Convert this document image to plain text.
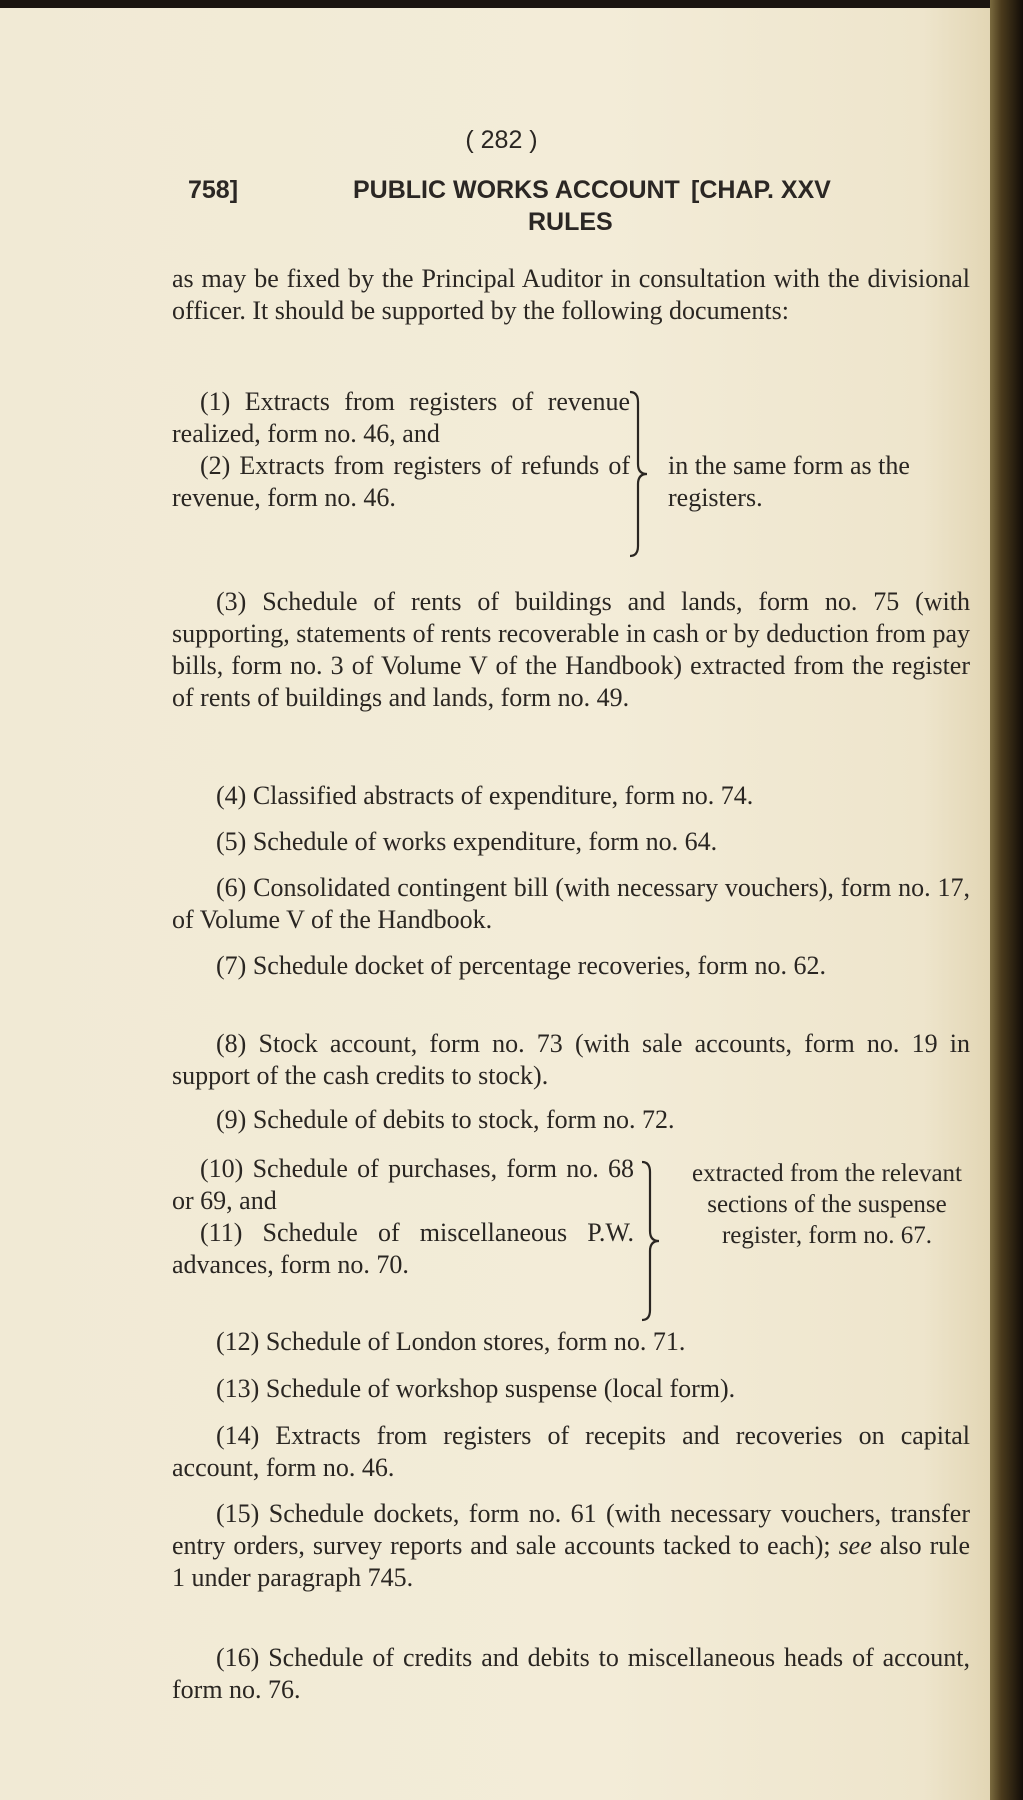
( 282 )
758]	PUBLIC WORKS ACCOUNT [CHAP. XXV
RULES
as may be fixed by the Principal Auditor in consultation with the divisional officer. It should be supported by the following documents:
(1) Extracts from registers of revenue realized, form no. 46, and
(2) Extracts from registers of refunds of revenue, form no. 46.
in the same form as the registers.
(3) Schedule of rents of buildings and lands, form no. 75 (with supporting, statements of rents recoverable in cash or by deduction from pay bills, form no. 3 of Volume V of the Handbook) extracted from the register of rents of buildings and lands, form no. 49.
(4) Classified abstracts of expenditure, form no. 74.
(5) Schedule of works expenditure, form no. 64.
(6) Consolidated contingent bill (with necessary vouchers), form no. 17, of Volume V of the Handbook.
(7) Schedule docket of percentage recoveries, form no. 62.
(8) Stock account, form no. 73 (with sale accounts, form no. 19 in support of the cash credits to stock).
(9) Schedule of debits to stock, form no. 72.
(10) Schedule of purchases, form no. 68 or 69, and
(11) Schedule of miscellaneous P.W. advances, form no. 70.
extracted from the relevant sections of the suspense register, form no. 67.
(12) Schedule of London stores, form no. 71.
(13) Schedule of workshop suspense (local form).
(14) Extracts from registers of recepits and recoveries on capital account, form no. 46.
(15) Schedule dockets, form no. 61 (with necessary vouchers, transfer entry orders, survey reports and sale accounts tacked to each); see also rule 1 under paragraph 745.
(16) Schedule of credits and debits to miscellaneous heads of account, form no. 76.
